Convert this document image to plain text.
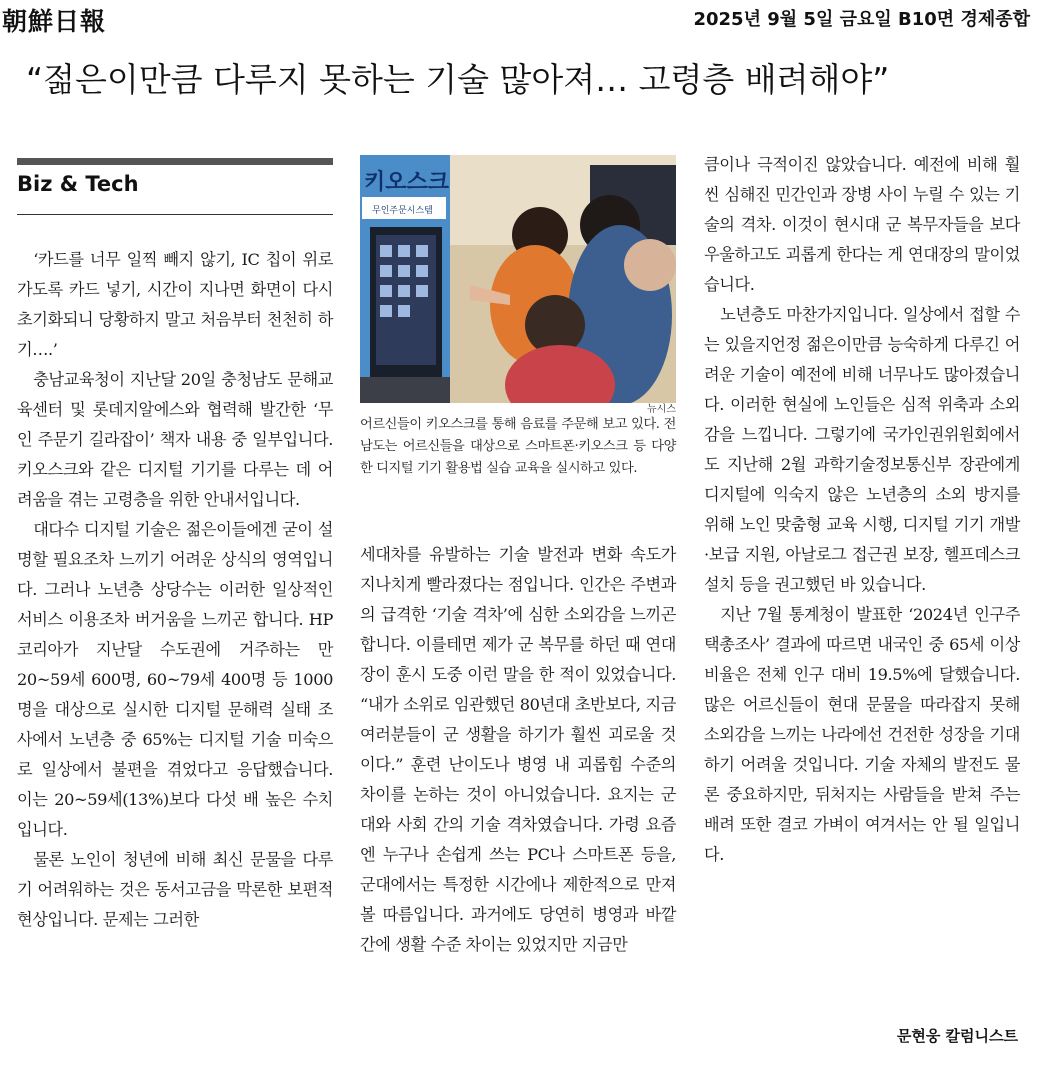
朝鮮日報	2025년 9월 5일 금요일 B10면 경제종합
“젊은이만큼 다루지 못하는 기술 많아져… 고령층 배려해야”
Biz & Tech

‘카드를 너무 일찍 빼지 않기, IC 칩이 위로 가도록 카드 넣기, 시간이 지나면 화면이 다시 초기화되니 당황하지 말고 처음부터 천천히 하기….’

충남교육청이 지난달 20일 충청남도 문해교육센터 및 롯데지알에스와 협력해 발간한 ‘무인 주문기 길라잡이’ 책자 내용 중 일부입니다. 키오스크와 같은 디지털 기기를 다루는 데 어려움을 겪는 고령층을 위한 안내서입니다.

대다수 디지털 기술은 젊은이들에겐 굳이 설명할 필요조차 느끼기 어려운 상식의 영역입니다. 그러나 노년층 상당수는 이러한 일상적인 서비스 이용조차 버거움을 느끼곤 합니다. HP코리아가 지난달 수도권에 거주하는 만 20~59세 600명, 60~79세 400명 등 1000명을 대상으로 실시한 디지털 문해력 실태 조사에서 노년층 중 65%는 디지털 기술 미숙으로 일상에서 불편을 겪었다고 응답했습니다. 이는 20~59세(13%)보다 다섯 배 높은 수치입니다.

물론 노인이 청년에 비해 최신 문물을 다루기 어려워하는 것은 동서고금을 막론한 보편적 현상입니다. 문제는 그러한

키오스크
무인주문시스템
뉴시스
어르신들이 키오스크를 통해 음료를 주문해 보고 있다. 전남도는 어르신들을 대상으로 스마트폰·키오스크 등 다양한 디지털 기기 활용법 실습 교육을 실시하고 있다.

세대차를 유발하는 기술 발전과 변화 속도가 지나치게 빨라졌다는 점입니다. 인간은 주변과의 급격한 ‘기술 격차’에 심한 소외감을 느끼곤 합니다. 이를테면 제가 군 복무를 하던 때 연대장이 훈시 도중 이런 말을 한 적이 있었습니다. “내가 소위로 임관했던 80년대 초반보다, 지금 여러분들이 군 생활을 하기가 훨씬 괴로울 것이다.” 훈련 난이도나 병영 내 괴롭힘 수준의 차이를 논하는 것이 아니었습니다. 요지는 군대와 사회 간의 기술 격차였습니다. 가령 요즘엔 누구나 손쉽게 쓰는 PC나 스마트폰 등을, 군대에서는 특정한 시간에나 제한적으로 만져볼 따름입니다. 과거에도 당연히 병영과 바깥간에 생활 수준 차이는 있었지만 지금만

큼이나 극적이진 않았습니다. 예전에 비해 훨씬 심해진 민간인과 장병 사이 누릴 수 있는 기술의 격차. 이것이 현시대 군 복무자들을 보다 우울하고도 괴롭게 한다는 게 연대장의 말이었습니다.

노년층도 마찬가지입니다. 일상에서 접할 수는 있을지언정 젊은이만큼 능숙하게 다루긴 어려운 기술이 예전에 비해 너무나도 많아졌습니다. 이러한 현실에 노인들은 심적 위축과 소외감을 느낍니다. 그렇기에 국가인권위원회에서도 지난해 2월 과학기술정보통신부 장관에게 디지털에 익숙지 않은 노년층의 소외 방지를 위해 노인 맞춤형 교육 시행, 디지털 기기 개발·보급 지원, 아날로그 접근권 보장, 헬프데스크 설치 등을 권고했던 바 있습니다.

지난 7월 통계청이 발표한 ‘2024년 인구주택총조사’ 결과에 따르면 내국인 중 65세 이상 비율은 전체 인구 대비 19.5%에 달했습니다. 많은 어르신들이 현대 문물을 따라잡지 못해 소외감을 느끼는 나라에선 건전한 성장을 기대하기 어려울 것입니다. 기술 자체의 발전도 물론 중요하지만, 뒤처지는 사람들을 받쳐 주는 배려 또한 결코 가벼이 여겨서는 안 될 일입니다.

문현웅 칼럼니스트
